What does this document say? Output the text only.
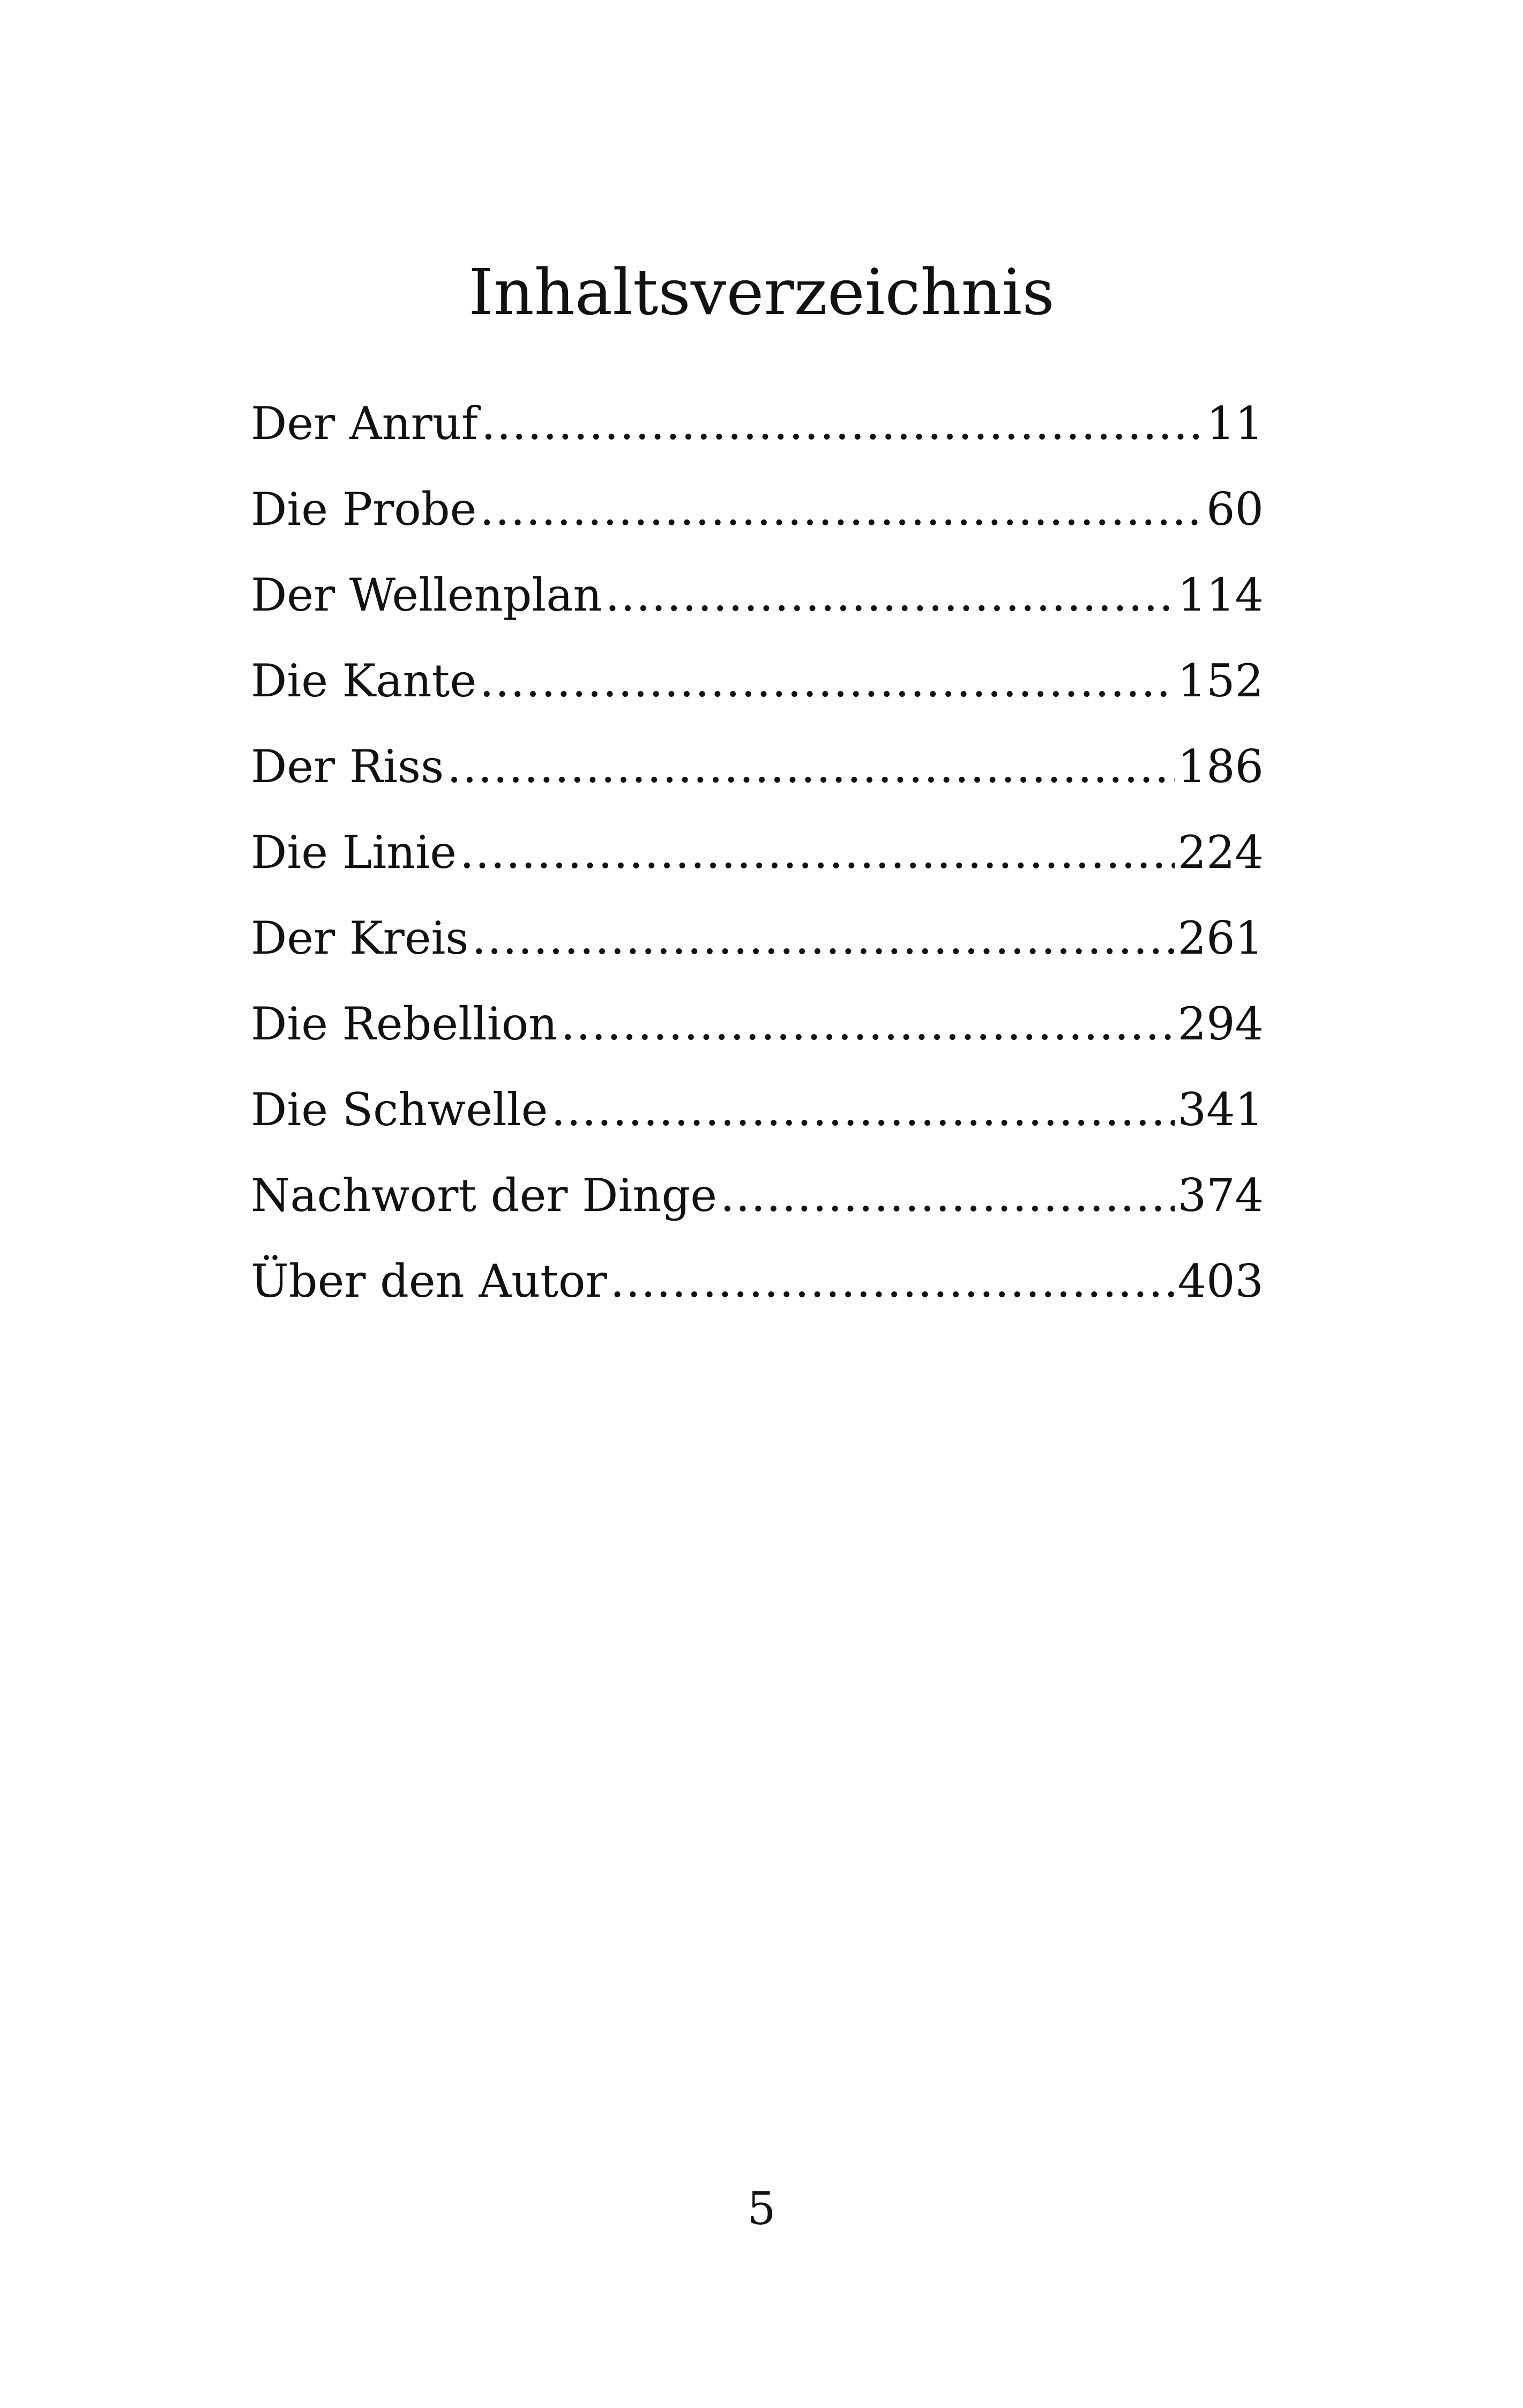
Inhaltsverzeichnis
Der Anruf .....	11
Die Probe .....	60
Der Wellenplan .....	114
Die Kante .....	152
Der Riss .....	186
Die Linie .....	224
Der Kreis .....	261
Die Rebellion .....	294
Die Schwelle .....	341
Nachwort der Dinge .....	374
Über den Autor .....	403
5
